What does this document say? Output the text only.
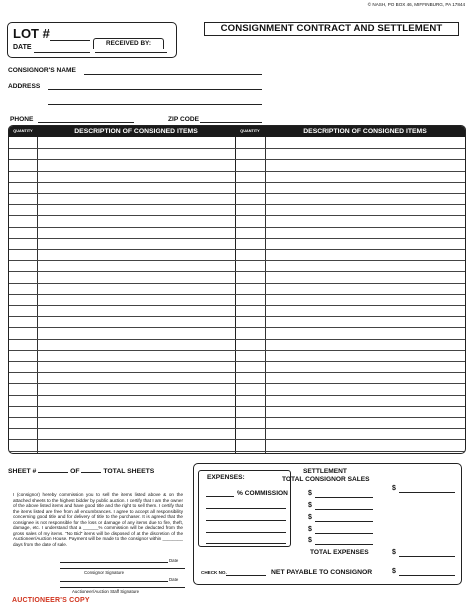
© NASH, PO BOX 46, MIFFINBURG, PA 17844
LOT #
RECEIVED BY:
DATE
CONSIGNMENT CONTRACT AND SETTLEMENT
CONSIGNOR'S NAME
ADDRESS
PHONE	ZIP CODE
QUANTITY	DESCRIPTION OF CONSIGNED ITEMS	QUANTITY	DESCRIPTION OF CONSIGNED ITEMS
SHEET #	OF	TOTAL SHEETS
I (consignor) hereby commission you to sell the items listed above & on the attached sheets to the highest bidder by public auction. I certify that I am the owner of the above listed items and have good title and the right to sell them. I certify that the items listed are free from all encumbrances. I agree to accept all responsibility concerning good title and for delivery of title to the purchaser. It is agreed that the consignee is not responsible for the loss or damage of any items due to fire, theft, damage, etc. I understand that a ______% commission will be deducted from the gross sales of my items. "No Bid" items will be disposed of at the discretion of the Auctioneer/Auction House. Payment will be made to the consignor within ________ days from the date of sale.
Date
Consignor Signature
Date
Auctioneer/Auction Staff Signature
AUCTIONEER'S COPY
EXPENSES:
SETTLEMENT
TOTAL CONSIGNOR SALES
$
% COMMISSION	$
$
$
$
$
TOTAL EXPENSES	$
CHECK NO.	NET PAYABLE TO CONSIGNOR	$
